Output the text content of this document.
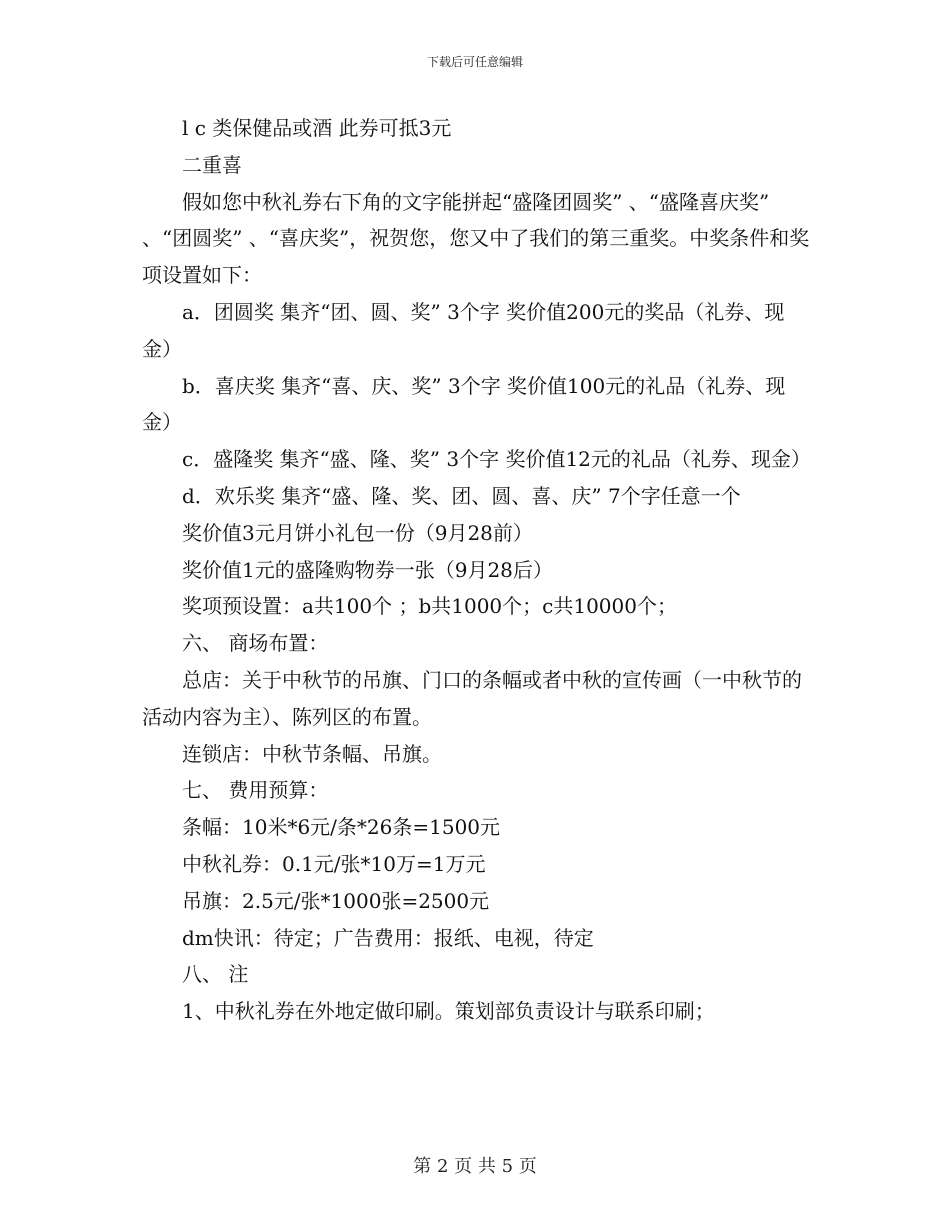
下载后可任意编辑

l c 类保健品或酒 此券可抵3元

二重喜

假如您中秋礼券右下角的文字能拼起“盛隆团圆奖” 、“盛隆喜庆奖” 、“团圆奖” 、“喜庆奖”，祝贺您，您又中了我们的第三重奖。中奖条件和奖项设置如下：

a．团圆奖 集齐“团、圆、奖” 3个字 奖价值200元的奖品（礼券、现金）

b．喜庆奖 集齐“喜、庆、奖” 3个字 奖价值100元的礼品（礼券、现金）

c．盛隆奖 集齐“盛、隆、奖” 3个字 奖价值12元的礼品（礼券、现金）

d．欢乐奖 集齐“盛、隆、奖、团、圆、喜、庆” 7个字任意一个

奖价值3元月饼小礼包一份（9月28前）

奖价值1元的盛隆购物券一张（9月28后）

奖项预设置：a共100个 ；b共1000个；c共10000个；

六、 商场布置：

总店：关于中秋节的吊旗、门口的条幅或者中秋的宣传画（一中秋节的活动内容为主）、陈列区的布置。

连锁店：中秋节条幅、吊旗。

七、 费用预算：

条幅：10米*6元/条*26条=1500元

中秋礼券：0.1元/张*10万=1万元

吊旗：2.5元/张*1000张=2500元

dm快讯：待定；广告费用：报纸、电视，待定

八、 注

1、中秋礼券在外地定做印刷。策划部负责设计与联系印刷；

第 2 页 共 5 页
